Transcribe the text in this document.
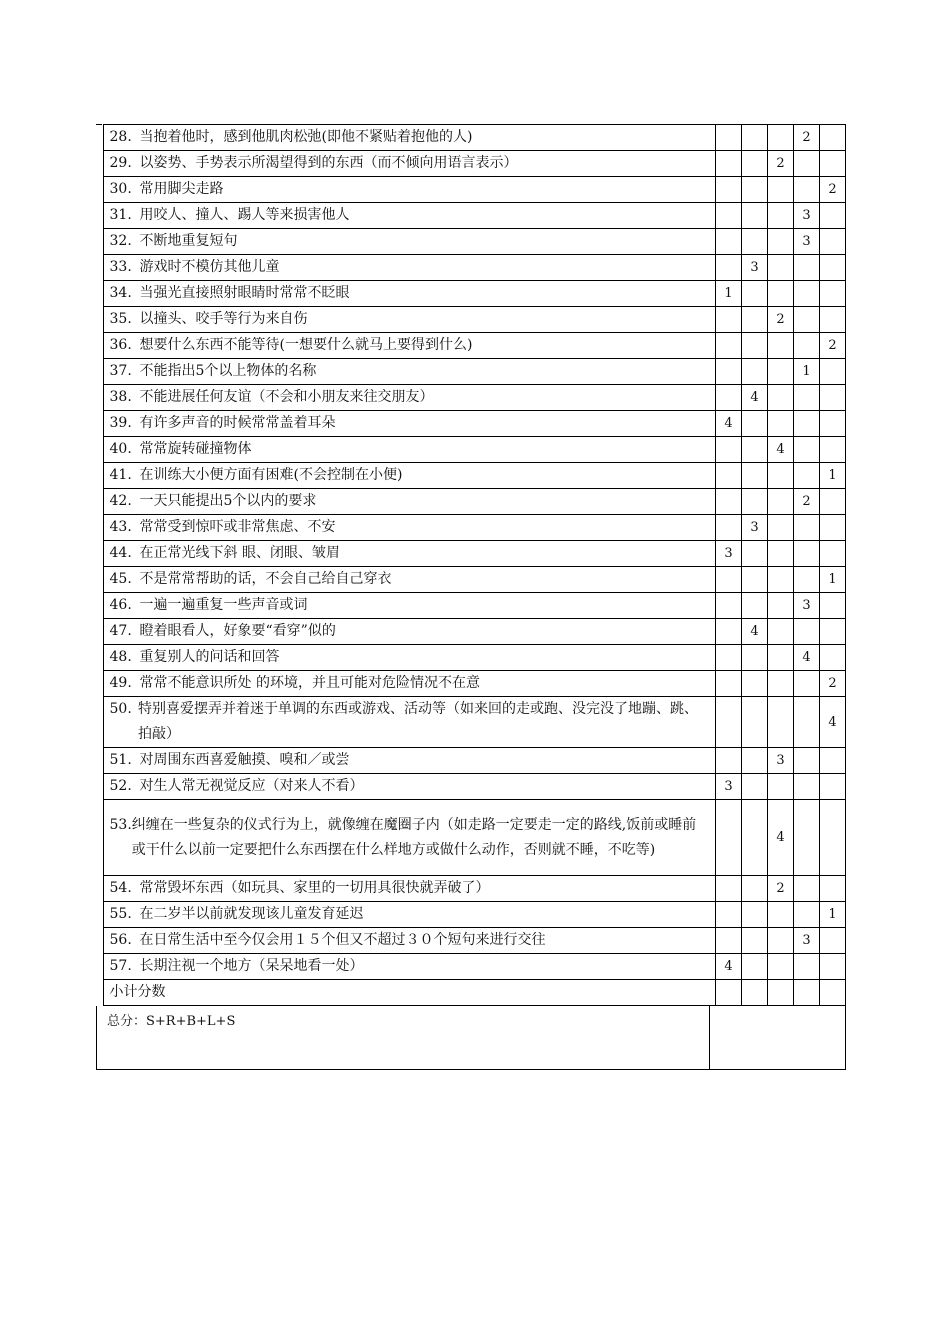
	28. 当抱着他时，感到他肌肉松弛(即他不紧贴着抱他的人)				2	

	29. 以姿势、手势表示所渴望得到的东西（而不倾向用语言表示）			2		

	30. 常用脚尖走路					2

	31. 用咬人、撞人、踢人等来损害他人				3	

	32. 不断地重复短句				3	

	33. 游戏时不模仿其他儿童		3			

	34. 当强光直接照射眼睛时常常不眨眼	1				

	35. 以撞头、咬手等行为来自伤			2		

	36. 想要什么东西不能等待(一想要什么就马上要得到什么)					2

	37. 不能指出5个以上物体的名称				1	

	38. 不能进展任何友谊（不会和小朋友来往交朋友）		4			

	39. 有许多声音的时候常常盖着耳朵	4				

	40. 常常旋转碰撞物体			4		

	41. 在训练大小便方面有困难(不会控制在小便)					1

	42. 一天只能提出5个以内的要求				2	

	43. 常常受到惊吓或非常焦虑、不安		3			

	44. 在正常光线下斜 眼、闭眼、皱眉	3				

	45. 不是常常帮助的话，不会自己给自己穿衣					1

	46. 一遍一遍重复一些声音或词				3	

	47. 瞪着眼看人，好象要“看穿”似的		4			

	48. 重复别人的问话和回答				4	

	49. 常常不能意识所处 的环境，并且可能对危险情况不在意					2

	50. 特别喜爱摆弄并着迷于单调的东西或游戏、活动等（如来回的走或跑、没完没了地蹦、跳、拍敲）					4

	51. 对周围东西喜爱触摸、嗅和／或尝			3		

	52. 对生人常无视觉反应（对来人不看）	3				

	53. 纠缠在一些复杂的仪式行为上，就像缠在魔圈子内（如走路一定要走一定的路线,饭前或睡前或干什么以前一定要把什么东西摆在什么样地方或做什么动作，否则就不睡，不吃等)			4		

	54. 常常毁坏东西（如玩具、家里的一切用具很快就弄破了）			2		

	55. 在二岁半以前就发现该儿童发育延迟					1

	56. 在日常生活中至今仅会用１５个但又不超过３０个短句来进行交往				3	

	57. 长期注视一个地方（呆呆地看一处）	4				
	小计分数					
总分：S+R+B+L+S	
